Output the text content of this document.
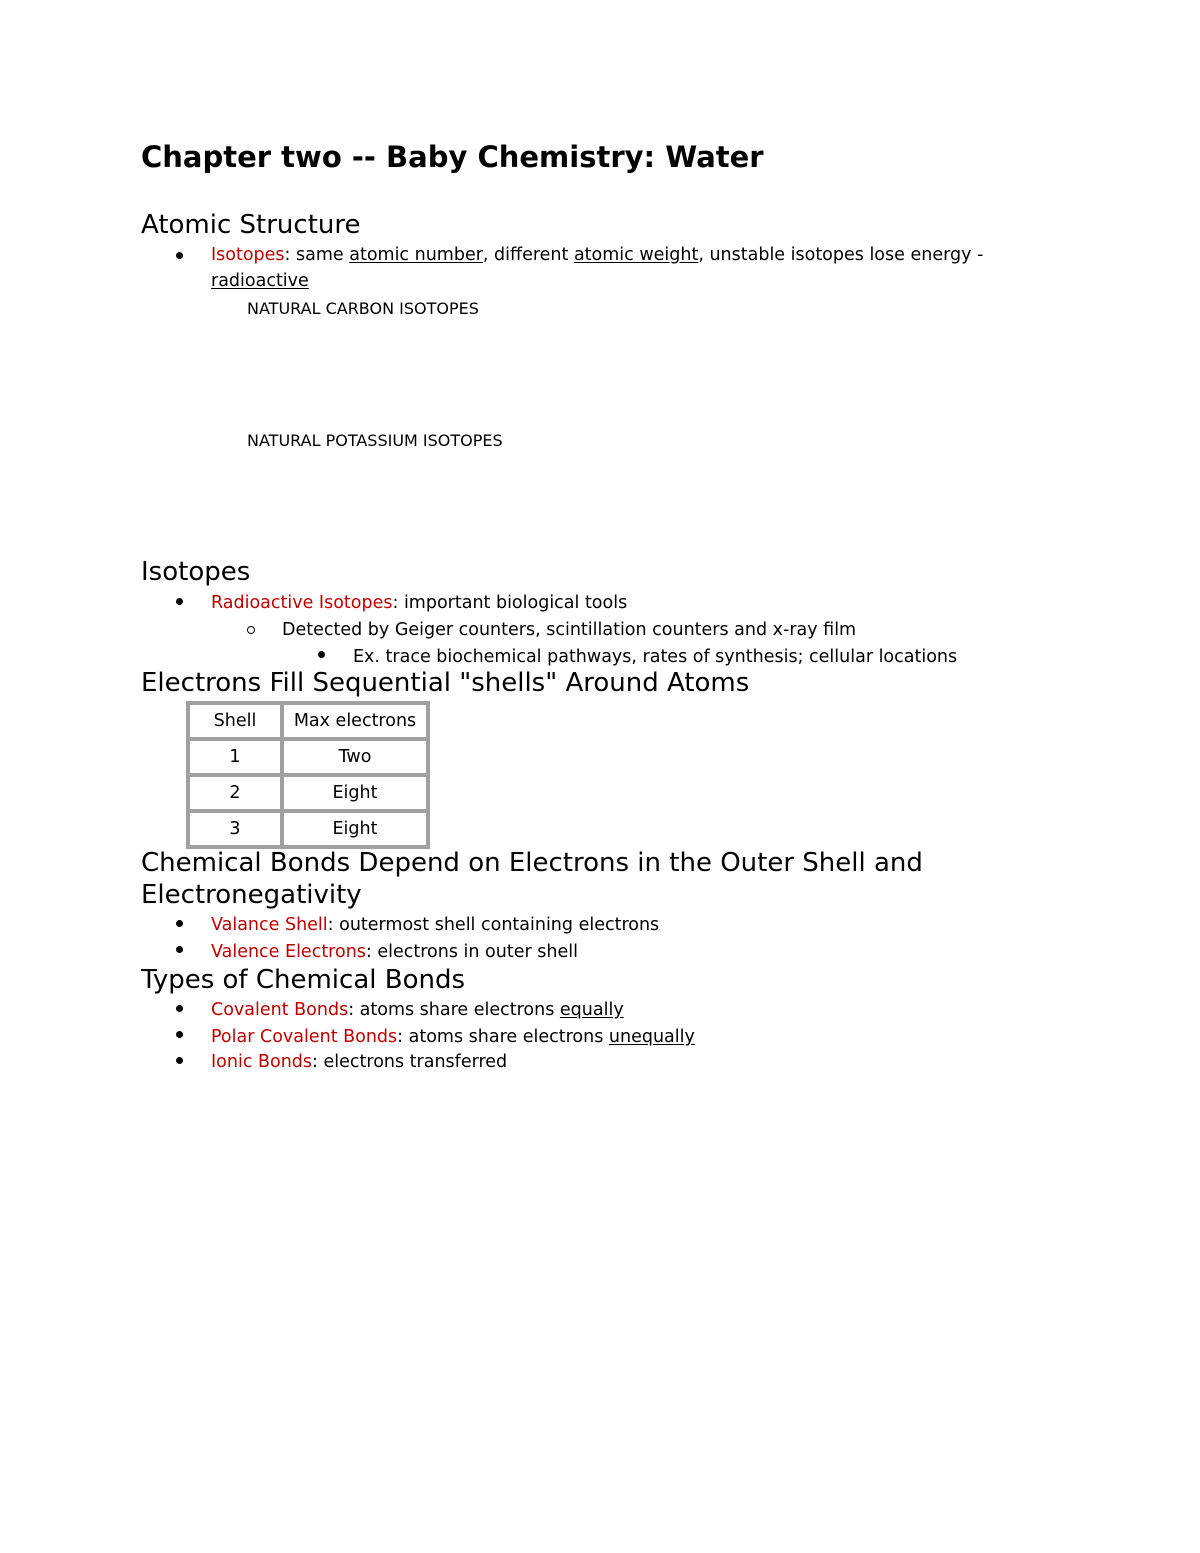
Chapter two -- Baby Chemistry: Water
Atomic Structure
Isotopes: same atomic number, different atomic weight, unstable isotopes lose energy -
radioactive
NATURAL CARBON ISOTOPES
NATURAL POTASSIUM ISOTOPES
Isotopes
Radioactive Isotopes: important biological tools
Detected by Geiger counters, scintillation counters and x-ray film
Ex. trace biochemical pathways, rates of synthesis; cellular locations
Electrons Fill Sequential "shells" Around Atoms
Shell	Max electrons
1	Two
2	Eight
3	Eight
Chemical Bonds Depend on Electrons in the Outer Shell and
Electronegativity
Valance Shell: outermost shell containing electrons
Valence Electrons: electrons in outer shell
Types of Chemical Bonds
Covalent Bonds: atoms share electrons equally
Polar Covalent Bonds: atoms share electrons unequally
Ionic Bonds: electrons transferred
